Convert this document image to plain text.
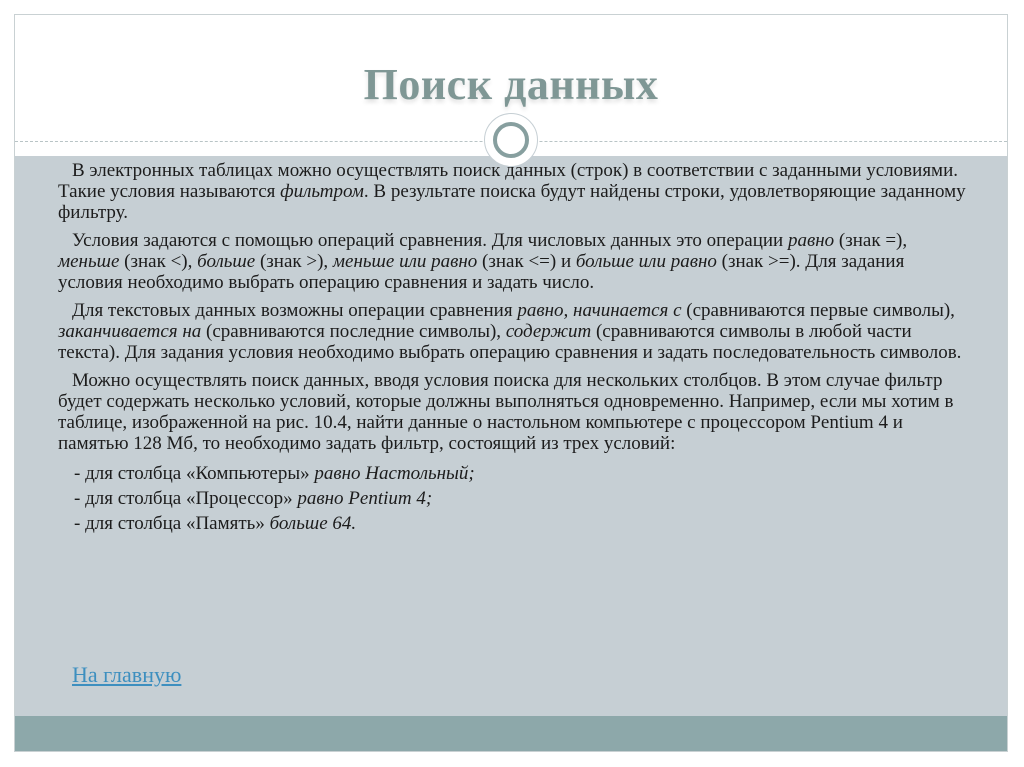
Поиск данных

В электронных таблицах можно осуществлять поиск данных (строк) в соответствии с заданными условиями. Такие условия называются фильтром. В результате поиска будут найдены строки, удовлетворяющие заданному фильтру.

Условия задаются с помощью операций сравнения. Для числовых данных это операции равно (знак =), меньше (знак <), больше (знак >), меньше или равно (знак <=) и больше или равно (знак >=). Для задания условия необходимо выбрать операцию сравнения и задать число.

Для текстовых данных возможны операции сравнения равно, начинается с (сравниваются первые символы), заканчивается на (сравниваются последние символы), содержит (сравниваются символы в любой части текста). Для задания условия необходимо выбрать операцию сравнения и задать последовательность символов.

Можно осуществлять поиск данных, вводя условия поиска для нескольких столбцов. В этом случае фильтр будет содержать несколько условий, которые должны выполняться одновременно. Например, если мы хотим в таблице, изображенной на рис. 10.4, найти данные о настольном компьютере с процессором Pentium 4 и памятью 128 Мб, то необходимо задать фильтр, состоящий из трех условий:

- для столбца «Компьютеры» равно Настольный;
- для столбца «Процессор» равно Pentium 4;
- для столбца «Память» больше 64.
На главную
